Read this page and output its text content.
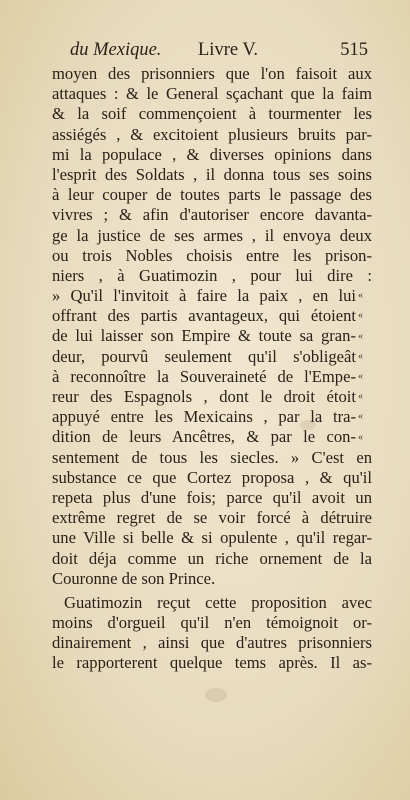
du Mexique. Livre V.	515
moyen des prisonniers que l'on faisoit aux
attaques : & le General sçachant que la faim
& la soif commençoient à tourmenter les
assiégés , & excitoient plusieurs bruits par-
mi la populace , & diverses opinions dans
l'esprit des Soldats , il donna tous ses soins
à leur couper de toutes parts le passage des
vivres ; & afin d'autoriser encore davanta-
ge la justice de ses armes , il envoya deux
ou trois Nobles choisis entre les prison-
niers , à Guatimozin , pour lui dire :
» Qu'il l'invitoit à faire la paix , en lui
offrant des partis avantageux, qui étoient
de lui laisser son Empire & toute sa gran-
deur, pourvû seulement qu'il s'obligeât
à reconnoître la Souveraineté de l'Empe-
reur des Espagnols , dont le droit étoit
appuyé entre les Mexicains , par la tra-
dition de leurs Ancêtres, & par le con-
sentement de tous les siecles. » C'est en
substance ce que Cortez proposa , & qu'il
repeta plus d'une fois; parce qu'il avoit un
extrême regret de se voir forcé à détruire
une Ville si belle & si opulente , qu'il regar-
doit déja comme un riche ornement de la
Couronne de son Prince.
Guatimozin reçut cette proposition avec
moins d'orgueil qu'il n'en témoignoit or-
dinairement , ainsi que d'autres prisonniers
le rapporterent quelque tems après. Il as-
«
«
«
«
«
«
«
«
